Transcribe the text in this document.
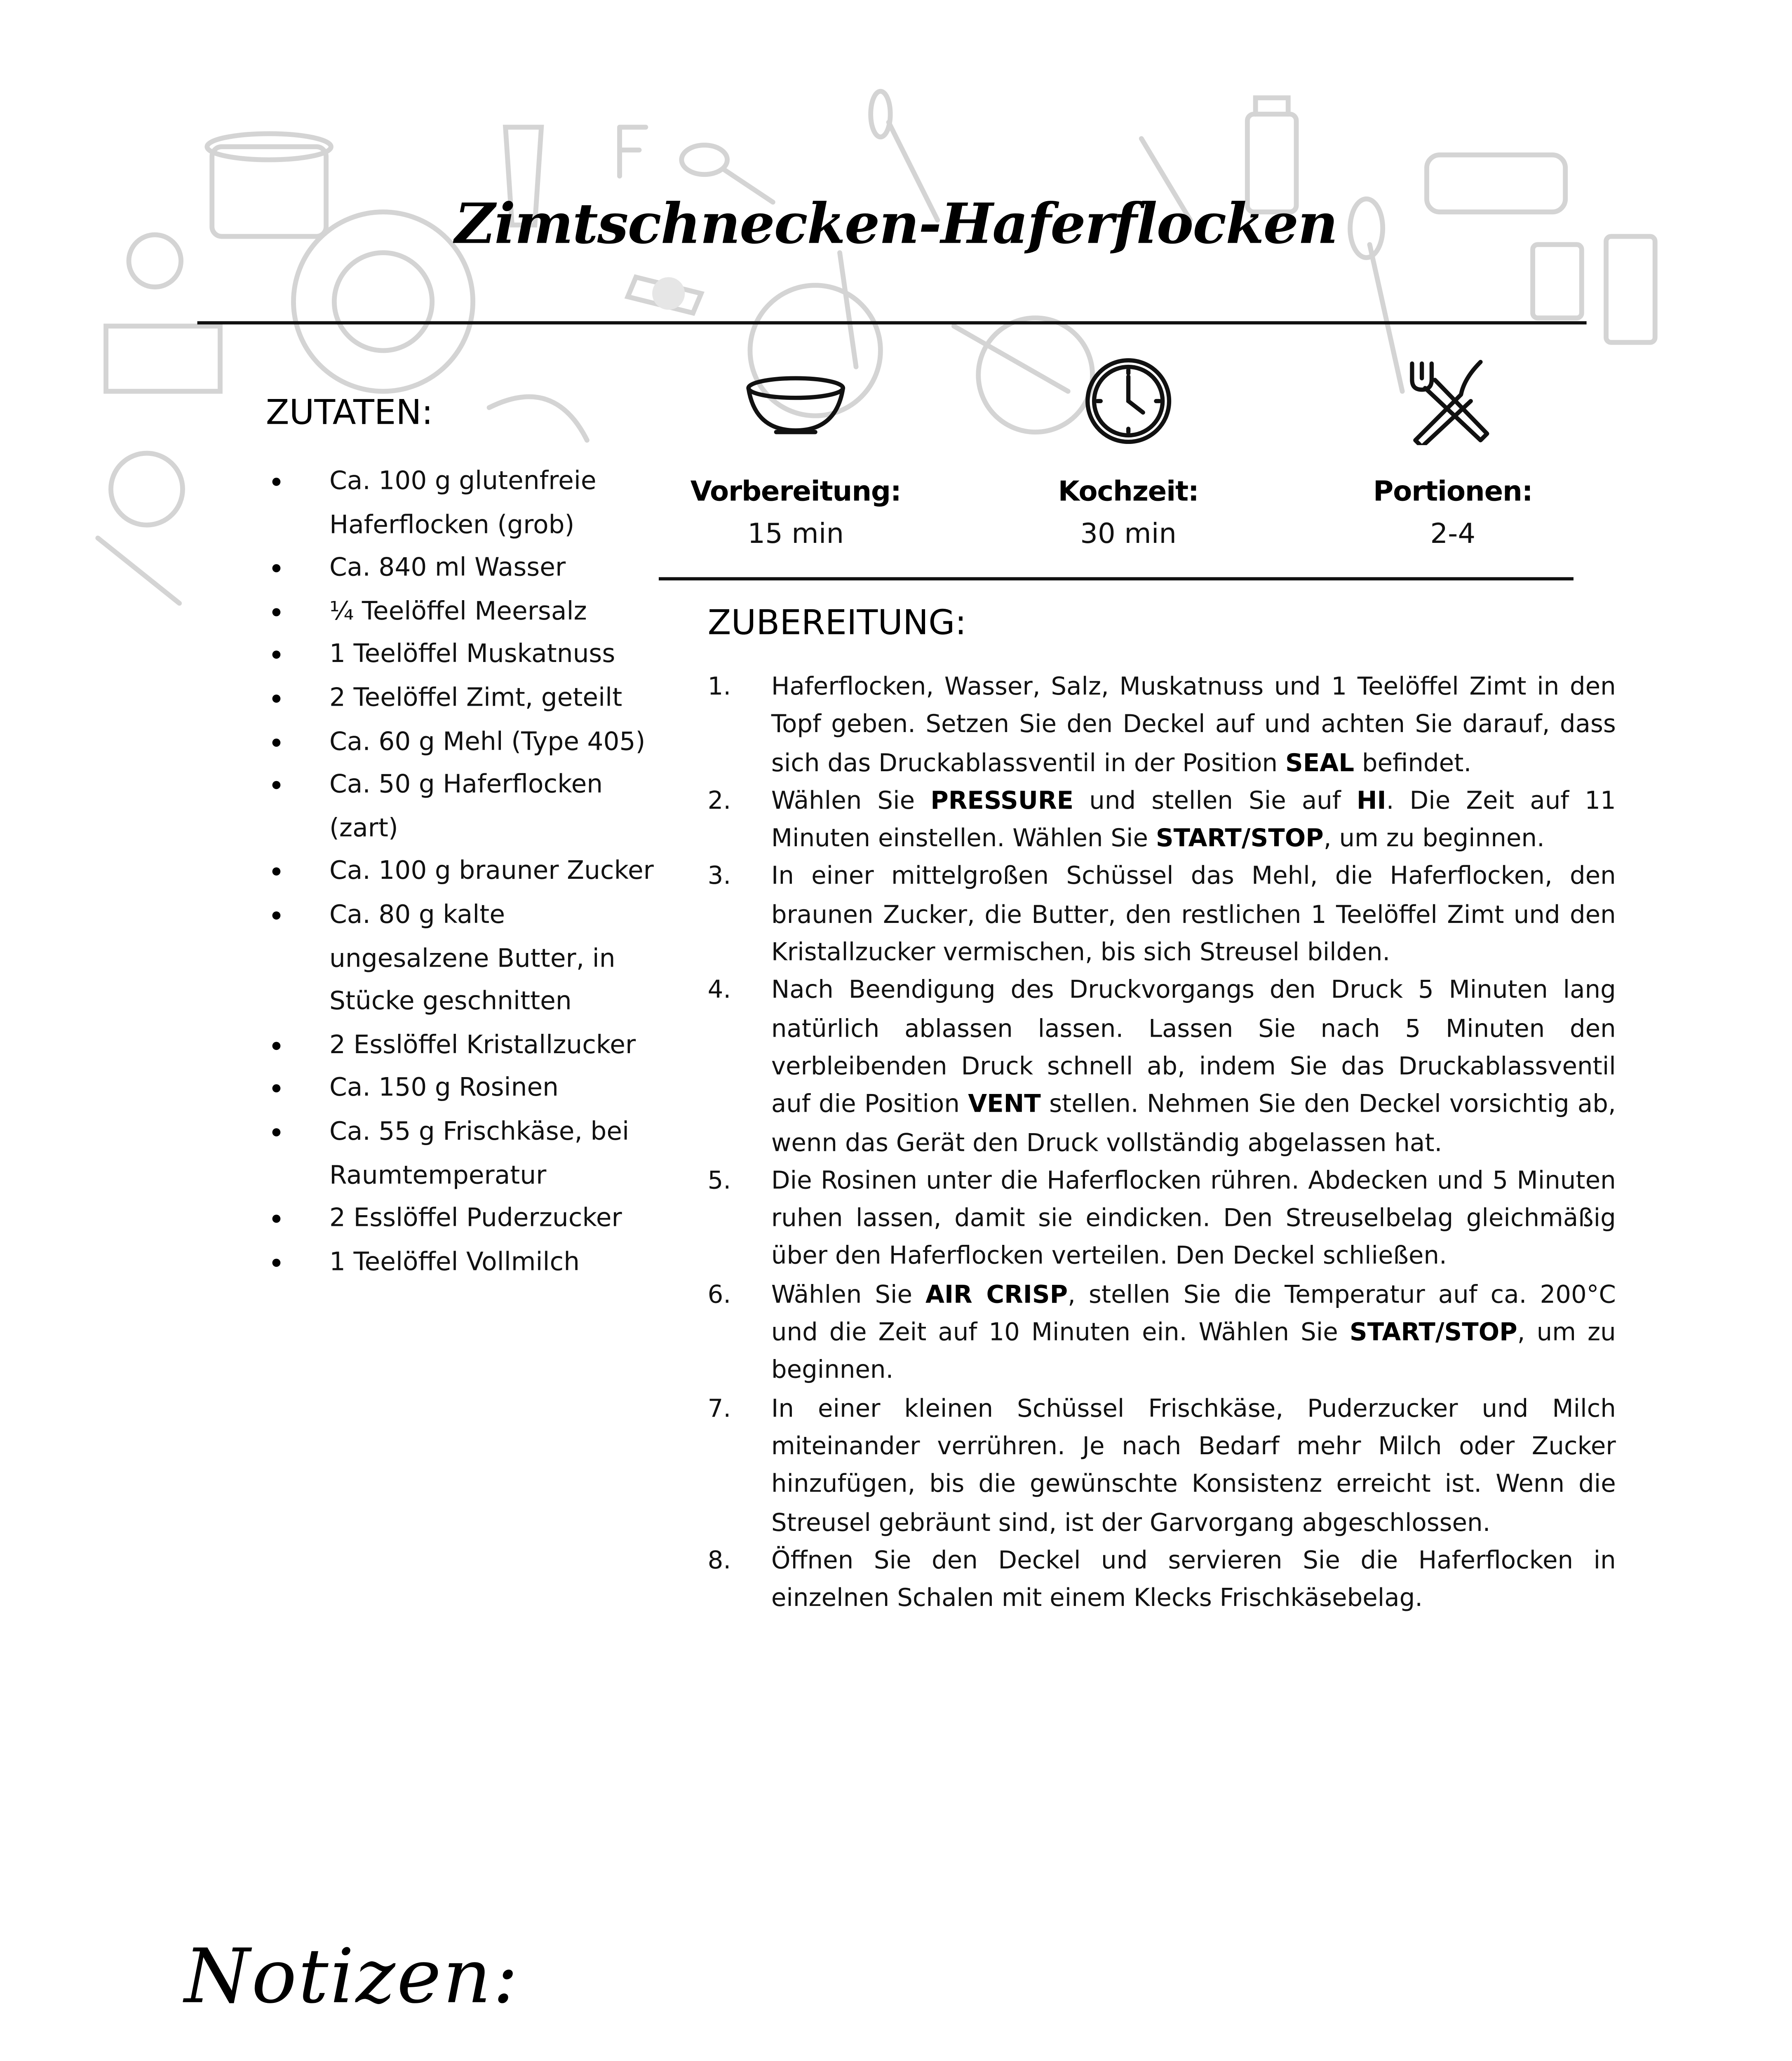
Zimtschnecken-Haferflocken
ZUTATEN:
Ca. 100 g glutenfreie Haferflocken (grob)
Ca. 840 ml Wasser
¼ Teelöffel Meersalz
1 Teelöffel Muskatnuss
2 Teelöffel Zimt, geteilt
Ca. 60 g Mehl (Type 405)
Ca. 50 g Haferflocken (zart)
Ca. 100 g brauner Zucker
Ca. 80 g kalte ungesalzene Butter, in Stücke geschnitten
2 Esslöffel Kristallzucker
Ca. 150 g Rosinen
Ca. 55 g Frischkäse, bei Raumtemperatur
2 Esslöffel Puderzucker
1 Teelöffel Vollmilch
Vorbereitung:
15 min
Kochzeit:
30 min
Portionen:
2-4
ZUBEREITUNG:
1.	Haferflocken, Wasser, Salz, Muskatnuss und 1 Teelöffel Zimt in den Topf geben. Setzen Sie den Deckel auf und achten Sie darauf, dass sich das Druckablassventil in der Position SEAL befindet.
2.	Wählen Sie PRESSURE und stellen Sie auf HI. Die Zeit auf 11 Minuten einstellen. Wählen Sie START/STOP, um zu beginnen.
3.	In einer mittelgroßen Schüssel das Mehl, die Haferflocken, den braunen Zucker, die Butter, den restlichen 1 Teelöffel Zimt und den Kristallzucker vermischen, bis sich Streusel bilden.
4.	Nach Beendigung des Druckvorgangs den Druck 5 Minuten lang natürlich ablassen lassen. Lassen Sie nach 5 Minuten den verbleibenden Druck schnell ab, indem Sie das Druckablassventil auf die Position VENT stellen. Nehmen Sie den Deckel vorsichtig ab, wenn das Gerät den Druck vollständig abgelassen hat.
5.	Die Rosinen unter die Haferflocken rühren. Abdecken und 5 Minuten ruhen lassen, damit sie eindicken. Den Streuselbelag gleichmäßig über den Haferflocken verteilen. Den Deckel schließen.
6.	Wählen Sie AIR CRISP, stellen Sie die Temperatur auf ca. 200°C und die Zeit auf 10 Minuten ein. Wählen Sie START/STOP, um zu beginnen.
7.	In einer kleinen Schüssel Frischkäse, Puderzucker und Milch miteinander verrühren. Je nach Bedarf mehr Milch oder Zucker hinzufügen, bis die gewünschte Konsistenz erreicht ist. Wenn die Streusel gebräunt sind, ist der Garvorgang abgeschlossen.
8.	Öffnen Sie den Deckel und servieren Sie die Haferflocken in einzelnen Schalen mit einem Klecks Frischkäsebelag.
Notizen:
